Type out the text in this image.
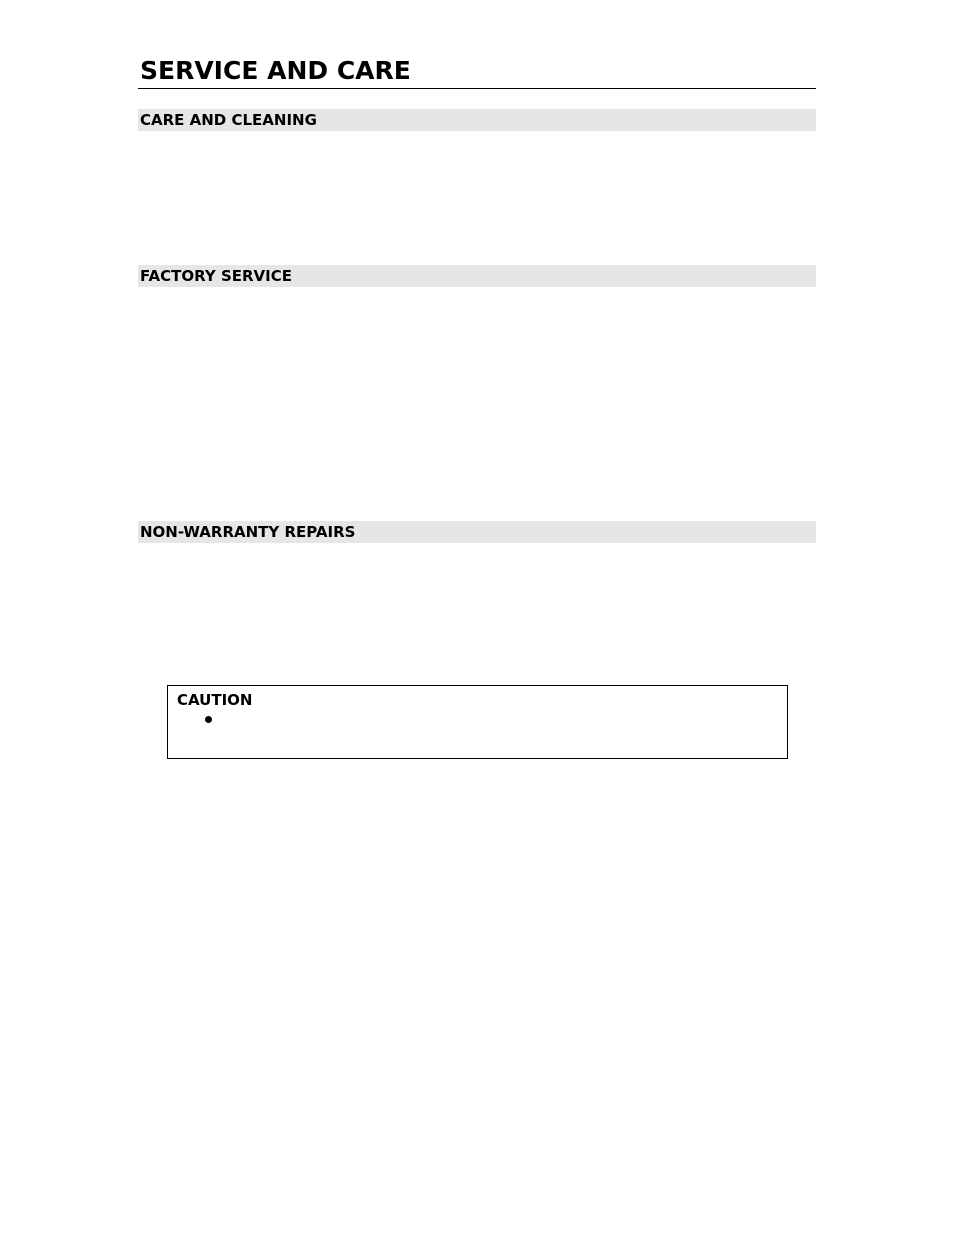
SERVICE AND CARE
CARE AND CLEANING
FACTORY SERVICE
NON-WARRANTY REPAIRS
CAUTION
